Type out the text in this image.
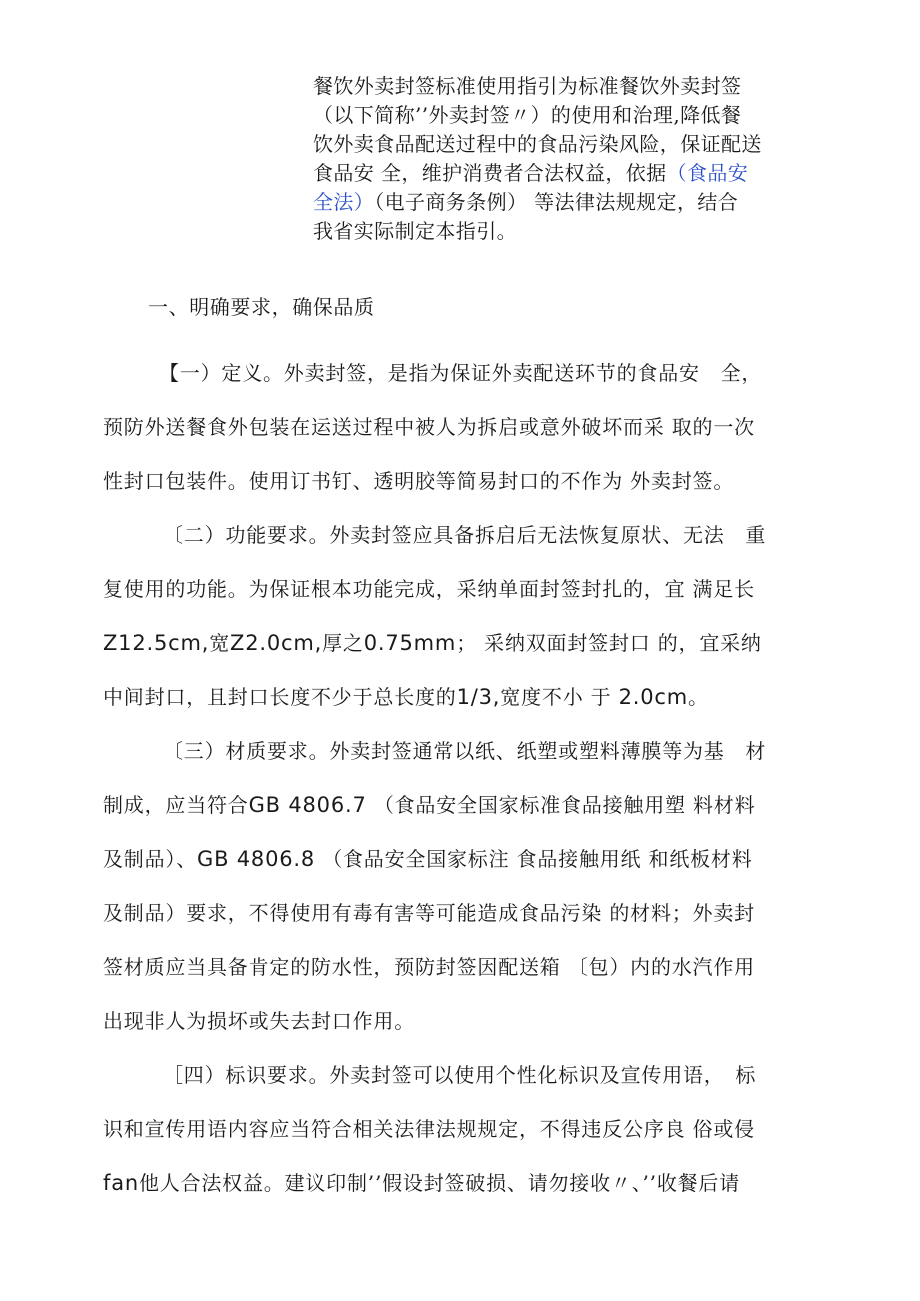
餐饮外卖封签标准使用指引为标准餐饮外卖封签

（以下简称’’外卖封签〃）的使用和治理,降低餐

饮外卖食品配送过程中的食品污染风险，保证配送

食品安 全，维护消费者合法权益，依据（食品安

全法）（电子商务条例） 等法律法规规定，结合

我省实际制定本指引。

一、明确要求，确保品质

【一）定义。外卖封签，是指为保证外卖配送环节的食品安　全，
预防外送餐食外包装在运送过程中被人为拆启或意外破坏而采 取的一次
性封口包装件。使用订书钉、透明胶等简易封口的不作为 外卖封签。

〔二）功能要求。外卖封签应具备拆启后无法恢复原状、无法　重
复使用的功能。为保证根本功能完成，采纳单面封签封扎的，宜 满足长
Z12.5cm,宽Z2.0cm,厚之0.75mm； 采纳双面封签封口 的，宜采纳
中间封口，且封口长度不少于总长度的1/3,宽度不小 于 2.0cm。

〔三）材质要求。外卖封签通常以纸、纸塑或塑料薄膜等为基　材
制成，应当符合GB 4806.7 （食品安全国家标准食品接触用塑 料材料
及制品）、GB 4806.8 （食品安全国家标注 食品接触用纸 和纸板材料
及制品）要求，不得使用有毒有害等可能造成食品污染 的材料；外卖封
签材质应当具备肯定的防水性，预防封签因配送箱 〔包）内的水汽作用
出现非人为损坏或失去封口作用。

［四）标识要求。外卖封签可以使用个性化标识及宣传用语，　标
识和宣传用语内容应当符合相关法律法规规定，不得违反公序良 俗或侵
fan他人合法权益。建议印制’’假设封签破损、请勿接收〃、’’收餐后请
